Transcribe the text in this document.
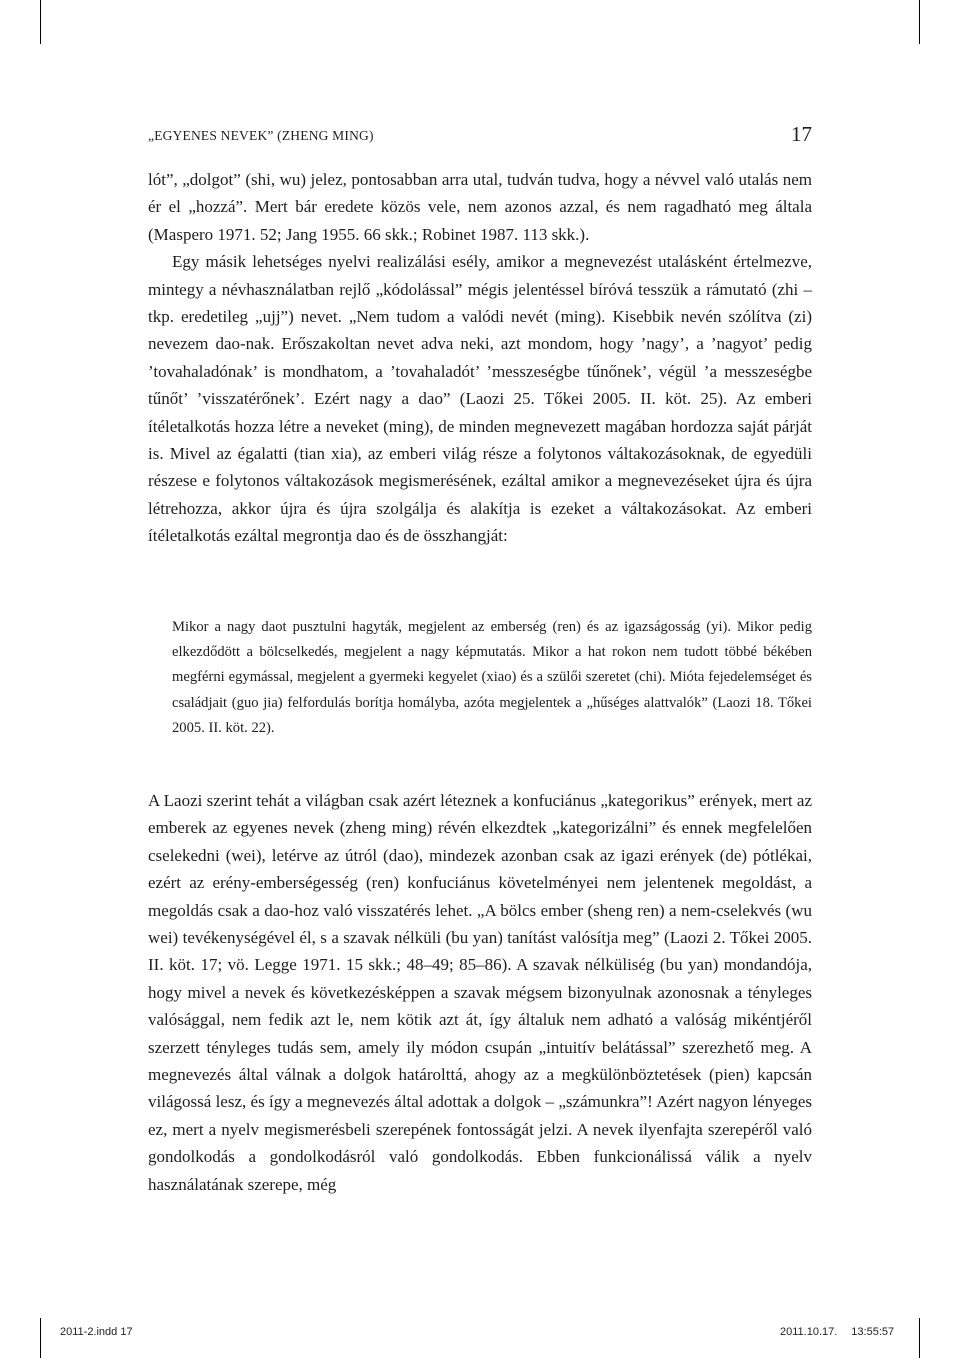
„EGYENES NEVEK” (ZHENG MING)	17

lót”, „dolgot” (shi, wu) jelez, pontosabban arra utal, tudván tudva, hogy a névvel való utalás nem ér el „hozzá”. Mert bár eredete közös vele, nem azonos azzal, és nem ragadható meg általa (Maspero 1971. 52; Jang 1955. 66 skk.; Robinet 1987. 113 skk.).

Egy másik lehetséges nyelvi realizálási esély, amikor a megnevezést utalásként értelmezve, mintegy a névhasználatban rejlő „kódolással” mégis jelentéssel bíróvá tesszük a rámutató (zhi – tkp. eredetileg „ujj”) nevet. „Nem tudom a valódi nevét (ming). Kisebbik nevén szólítva (zi) nevezem dao-nak. Erőszakoltan nevet adva neki, azt mondom, hogy ’nagy’, a ’nagyot’ pedig ’tovahaladónak’ is mondhatom, a ’tovahaladót’ ’messzeségbe tűnőnek’, végül ’a messzeségbe tűnőt’ ’visszatérőnek’. Ezért nagy a dao” (Laozi 25. Tőkei 2005. II. köt. 25). Az emberi ítéletalkotás hozza létre a neveket (ming), de minden megnevezett magában hordozza saját párját is. Mivel az égalatti (tian xia), az emberi világ része a folytonos váltakozásoknak, de egyedüli részese e folytonos váltakozások megismerésének, ezáltal amikor a megnevezéseket újra és újra létrehozza, akkor újra és újra szolgálja és alakítja is ezeket a váltakozásokat. Az emberi ítéletalkotás ezáltal megrontja dao és de összhangját:

Mikor a nagy daot pusztulni hagyták, megjelent az emberség (ren) és az igazságosság (yi). Mikor pedig elkezdődött a bölcselkedés, megjelent a nagy képmutatás. Mikor a hat rokon nem tudott többé békében megférni egymással, megjelent a gyermeki kegyelet (xiao) és a szülői szeretet (chi). Mióta fejedelemséget és családjait (guo jia) felfordulás borítja homályba, azóta megjelentek a „hűséges alattvalók” (Laozi 18. Tőkei 2005. II. köt. 22).

A Laozi szerint tehát a világban csak azért léteznek a konfuciánus „kategorikus” erények, mert az emberek az egyenes nevek (zheng ming) révén elkezdtek „kategorizálni” és ennek megfelelően cselekedni (wei), letérve az útról (dao), mindezek azonban csak az igazi erények (de) pótlékai, ezért az erény-emberségesség (ren) konfuciánus követelményei nem jelentenek megoldást, a megoldás csak a dao-hoz való visszatérés lehet. „A bölcs ember (sheng ren) a nem-cselekvés (wu wei) tevékenységével él, s a szavak nélküli (bu yan) tanítást valósítja meg” (Laozi 2. Tőkei 2005. II. köt. 17; vö. Legge 1971. 15 skk.; 48–49; 85–86). A szavak nélküliség (bu yan) mondandója, hogy mivel a nevek és következésképpen a szavak mégsem bizonyulnak azonosnak a tényleges valósággal, nem fedik azt le, nem kötik azt át, így általuk nem adható a valóság mikéntjéről szerzett tényleges tudás sem, amely ily módon csupán „intuitív belátással” szerezhető meg. A megnevezés által válnak a dolgok határolttá, ahogy az a megkülönböztetések (pien) kapcsán világossá lesz, és így a megnevezés által adottak a dolgok – „számunkra”! Azért nagyon lényeges ez, mert a nyelv megismerésbeli szerepének fontosságát jelzi. A nevek ilyenfajta szerepéről való gondolkodás a gondolkodásról való gondolkodás. Ebben funkcionálissá válik a nyelv használatának szerepe, még

2011-2.indd 17	2011.10.17. 13:55:57
